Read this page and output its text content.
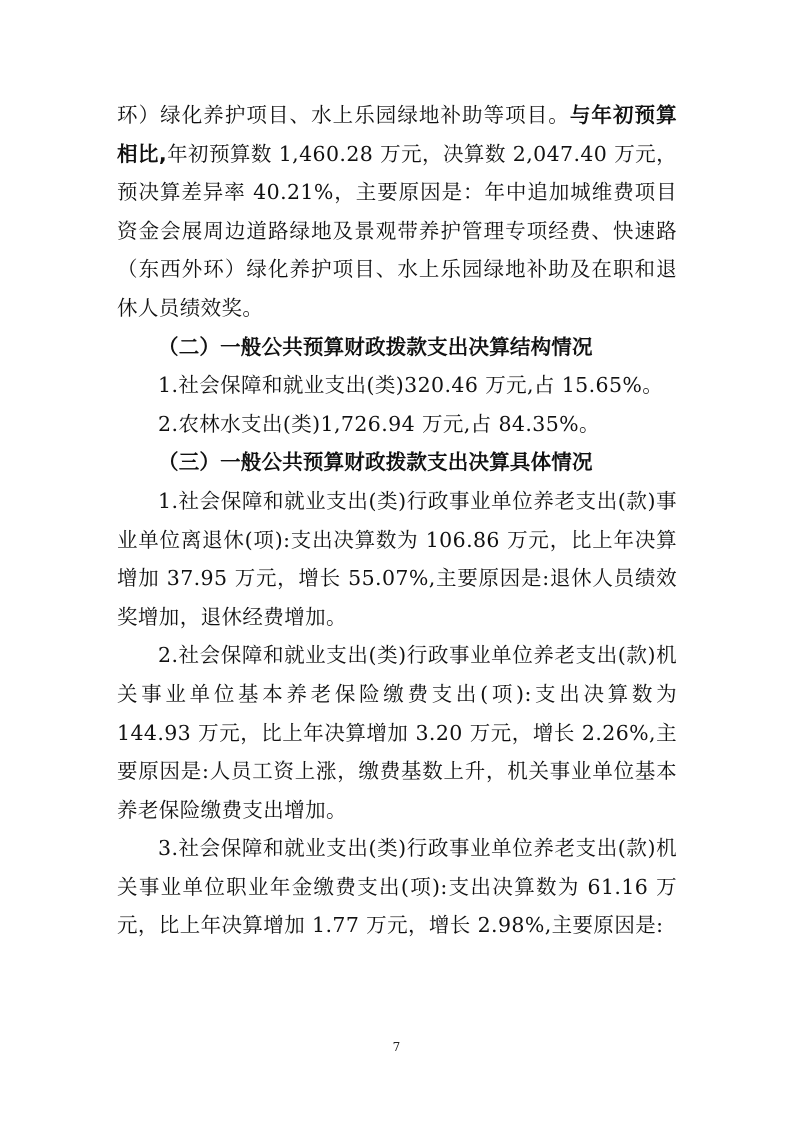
环）绿化养护项目、水上乐园绿地补助等项目。与年初预算相比,年初预算数 1,460.28 万元，决算数 2,047.40 万元，预决算差异率 40.21%，主要原因是：年中追加城维费项目资金会展周边道路绿地及景观带养护管理专项经费、快速路（东西外环）绿化养护项目、水上乐园绿地补助及在职和退休人员绩效奖。

（二）一般公共预算财政拨款支出决算结构情况

1.社会保障和就业支出(类)320.46 万元,占 15.65%。

2.农林水支出(类)1,726.94 万元,占 84.35%。

（三）一般公共预算财政拨款支出决算具体情况

1.社会保障和就业支出(类)行政事业单位养老支出(款)事业单位离退休(项):支出决算数为 106.86 万元，比上年决算增加 37.95 万元，增长 55.07%,主要原因是:退休人员绩效奖增加，退休经费增加。

2.社会保障和就业支出(类)行政事业单位养老支出(款)机关事业单位基本养老保险缴费支出(项):支出决算数为 144.93 万元，比上年决算增加 3.20 万元，增长 2.26%,主要原因是:人员工资上涨，缴费基数上升，机关事业单位基本养老保险缴费支出增加。

3.社会保障和就业支出(类)行政事业单位养老支出(款)机关事业单位职业年金缴费支出(项):支出决算数为 61.16 万元，比上年决算增加 1.77 万元，增长 2.98%,主要原因是:

7
